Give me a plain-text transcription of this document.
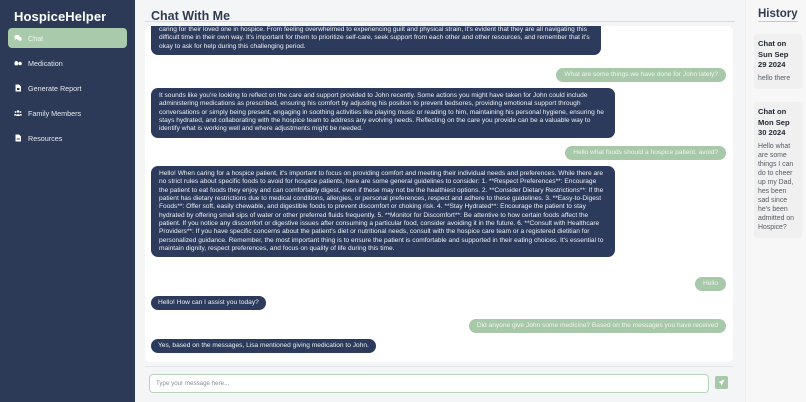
HospiceHelper
Chat
Medication
Generate Report
Family Members
Resources
Chat With Me
caring for their loved one in hospice. From feeling overwhelmed to experiencing guilt and physical strain, it's evident that they are all navigating this difficult time in their own way. It's important for them to prioritize self-care, seek support from each other and other resources, and remember that it's okay to ask for help during this challenging period.
What are some things we have done for John lately?
It sounds like you're looking to reflect on the care and support provided to John recently. Some actions you might have taken for John could include administering medications as prescribed, ensuring his comfort by adjusting his position to prevent bedsores, providing emotional support through conversations or simply being present, engaging in soothing activities like playing music or reading to him, maintaining his personal hygiene, ensuring he stays hydrated, and collaborating with the hospice team to address any evolving needs. Reflecting on the care you provide can be a valuable way to identify what is working well and where adjustments might be needed.
Hello what foods should a hospice patient. avoid?
Hello! When caring for a hospice patient, it's important to focus on providing comfort and meeting their individual needs and preferences. While there are no strict rules about specific foods to avoid for hospice patients, here are some general guidelines to consider: 1. **Respect Preferences**: Encourage the patient to eat foods they enjoy and can comfortably digest, even if these may not be the healthiest options. 2. **Consider Dietary Restrictions**: If the patient has dietary restrictions due to medical conditions, allergies, or personal preferences, respect and adhere to these guidelines. 3. **Easy-to-Digest Foods**: Offer soft, easily chewable, and digestible foods to prevent discomfort or choking risk. 4. **Stay Hydrated**: Encourage the patient to stay hydrated by offering small sips of water or other preferred fluids frequently. 5. **Monitor for Discomfort**: Be attentive to how certain foods affect the patient. If you notice any discomfort or digestive issues after consuming a particular food, consider avoiding it in the future. 6. **Consult with Healthcare Providers**: If you have specific concerns about the patient's diet or nutritional needs, consult with the hospice care team or a registered dietitian for personalized guidance. Remember, the most important thing is to ensure the patient is comfortable and supported in their eating choices. It's essential to maintain dignity, respect preferences, and focus on quality of life during this time.
Hello
Hello! How can I assist you today?
Did anyone give John some medicine? Based on the messages you have received
Yes, based on the messages, Lisa mentioned giving medication to John.
Type your message here...
History
Chat on Sun Sep 29 2024
hello there
Chat on Mon Sep 30 2024
Hello what are some things I can do to cheer up my Dad, hes been sad since he's been admitted on Hospice?
